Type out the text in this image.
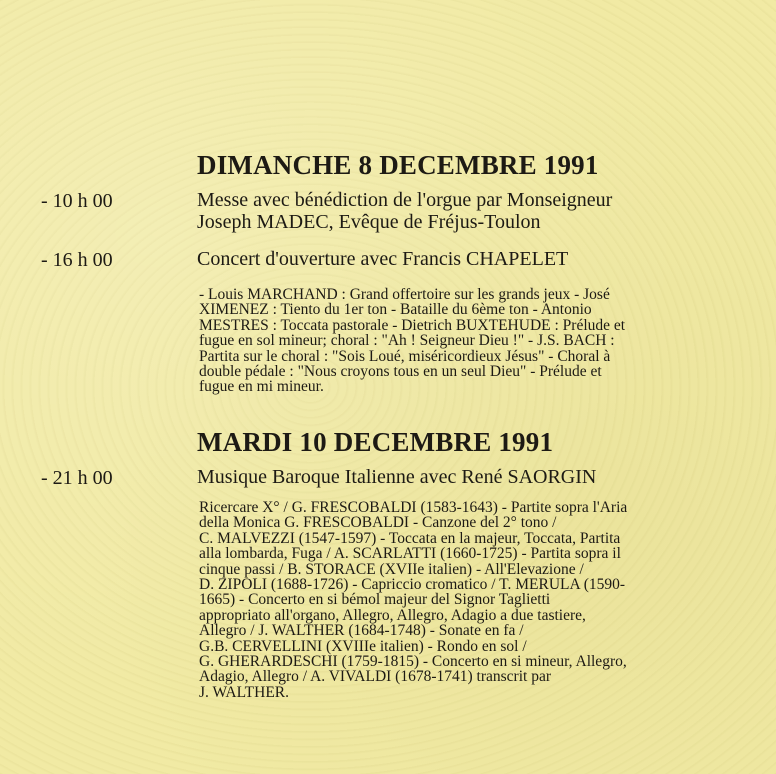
DIMANCHE 8 DECEMBRE 1991
- 10 h 00	Messe avec bénédiction de l'orgue par Monseigneur
Joseph MADEC, Evêque de Fréjus-Toulon
- 16 h 00	Concert d'ouverture avec Francis CHAPELET
- Louis MARCHAND : Grand offertoire sur les grands jeux - José
XIMENEZ : Tiento du 1er ton - Bataille du 6ème ton - Antonio
MESTRES : Toccata pastorale - Dietrich BUXTEHUDE : Prélude et
fugue en sol mineur; choral : "Ah ! Seigneur Dieu !" - J.S. BACH :
Partita sur le choral : "Sois Loué, miséricordieux Jésus" - Choral à
double pédale : "Nous croyons tous en un seul Dieu" - Prélude et
fugue en mi mineur.
MARDI 10 DECEMBRE 1991
- 21 h 00	Musique Baroque Italienne avec René SAORGIN
Ricercare X° / G. FRESCOBALDI (1583-1643) - Partite sopra l'Aria
della Monica G. FRESCOBALDI - Canzone del 2° tono /
C. MALVEZZI (1547-1597) - Toccata en la majeur, Toccata, Partita
alla lombarda, Fuga / A. SCARLATTI (1660-1725) - Partita sopra il
cinque passi / B. STORACE (XVIIe italien) - All'Elevazione /
D. ZIPOLI (1688-1726) - Capriccio cromatico / T. MERULA (1590-
1665) - Concerto en si bémol majeur del Signor Taglietti
appropriato all'organo, Allegro, Allegro, Adagio a due tastiere,
Allegro / J. WALTHER (1684-1748) - Sonate en fa /
G.B. CERVELLINI (XVIIIe italien) - Rondo en sol /
G. GHERARDESCHI (1759-1815) - Concerto en si mineur, Allegro,
Adagio, Allegro / A. VIVALDI (1678-1741) transcrit par
J. WALTHER.
